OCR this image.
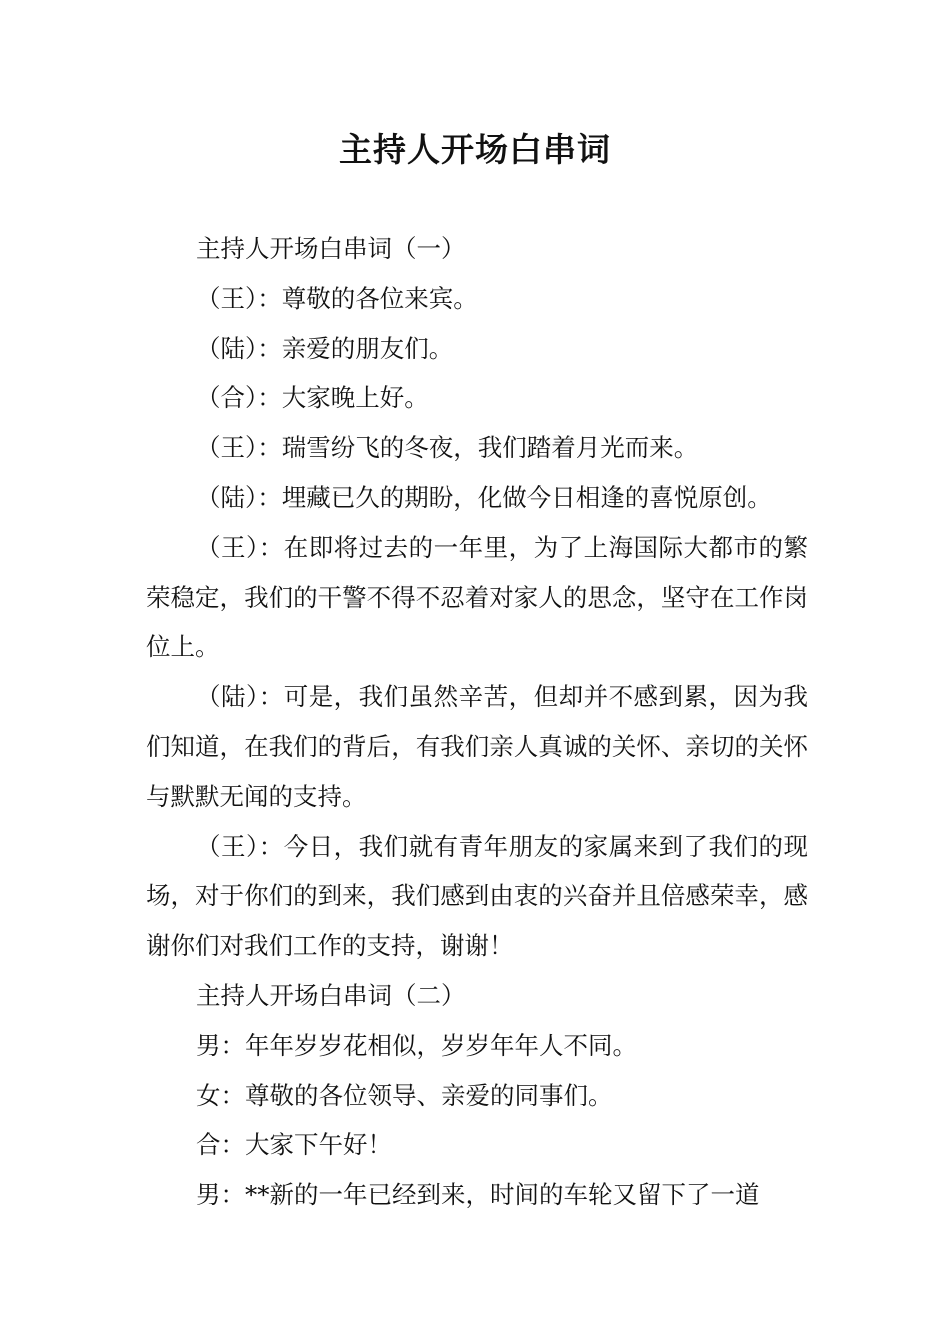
主持人开场白串词

主持人开场白串词（一）

（王）：尊敬的各位来宾。

（陆）：亲爱的朋友们。

（合）：大家晚上好。

（王）：瑞雪纷飞的冬夜，我们踏着月光而来。

（陆）：埋藏已久的期盼，化做今日相逢的喜悦原创。

（王）：在即将过去的一年里，为了上海国际大都市的繁荣稳定，我们的干警不得不忍着对家人的思念，坚守在工作岗位上。

（陆）：可是，我们虽然辛苦，但却并不感到累，因为我们知道，在我们的背后，有我们亲人真诚的关怀、亲切的关怀与默默无闻的支持。

（王）：今日，我们就有青年朋友的家属来到了我们的现场，对于你们的到来，我们感到由衷的兴奋并且倍感荣幸，感谢你们对我们工作的支持，谢谢！

主持人开场白串词（二）

男：年年岁岁花相似，岁岁年年人不同。

女：尊敬的各位领导、亲爱的同事们。

合：大家下午好！

男：**新的一年已经到来，时间的车轮又留下了一道
